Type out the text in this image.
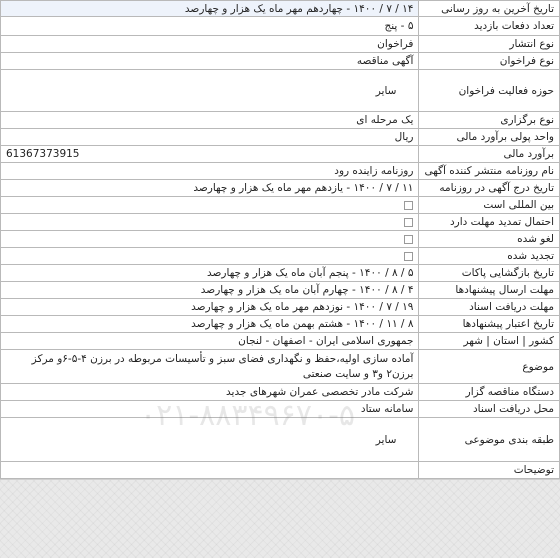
تاریخ آخرین به روز رسانی	۱۴ / ۷ / ۱۴۰۰ - چهاردهم مهر ماه یک هزار و چهارصد
تعداد دفعات بازدید	۵ - پنج
نوع انتشار	فراخوان
نوع فراخوان	آگهی مناقصه
حوزه فعالیت فراخوان	سایر
نوع برگزاری	یک مرحله ای
واحد پولی برآورد مالی	ریال
برآورد مالی	61367373915
نام روزنامه منتشر کننده آگهی	روزنامه زاینده رود
تاریخ درج آگهی در روزنامه	۱۱ / ۷ / ۱۴۰۰ - یازدهم مهر ماه یک هزار و چهارصد
بین المللی است	
احتمال تمدید مهلت دارد	
لغو شده	
تجدید شده	
تاریخ بازگشایی پاکات	۵ / ۸ / ۱۴۰۰ - پنجم آبان ماه یک هزار و چهارصد
مهلت ارسال پیشنهادها	۴ / ۸ / ۱۴۰۰ - چهارم آبان ماه یک هزار و چهارصد
مهلت دریافت اسناد	۱۹ / ۷ / ۱۴۰۰ - نوزدهم مهر ماه یک هزار و چهارصد
تاریخ اعتبار پیشنهادها	۸ / ۱۱ / ۱۴۰۰ - هشتم بهمن ماه یک هزار و چهارصد
کشور | استان | شهر	جمهوری اسلامی ایران - اصفهان - لنجان
موضوع	آماده سازی اولیه،حفظ و نگهداری فضای سبز و تأسیسات مربوطه در برزن ۴-۵-۶و مرکز برزن۲ و۳ و سایت صنعتی
دستگاه مناقصه گزار	شرکت مادر تخصصی عمران شهرهای جدید
محل دریافت اسناد	سامانه ستاد
طبقه بندی موضوعی	سایر
توضیحات	

۰۲۱-۸۸۳۴۹۶۷۰-۵
